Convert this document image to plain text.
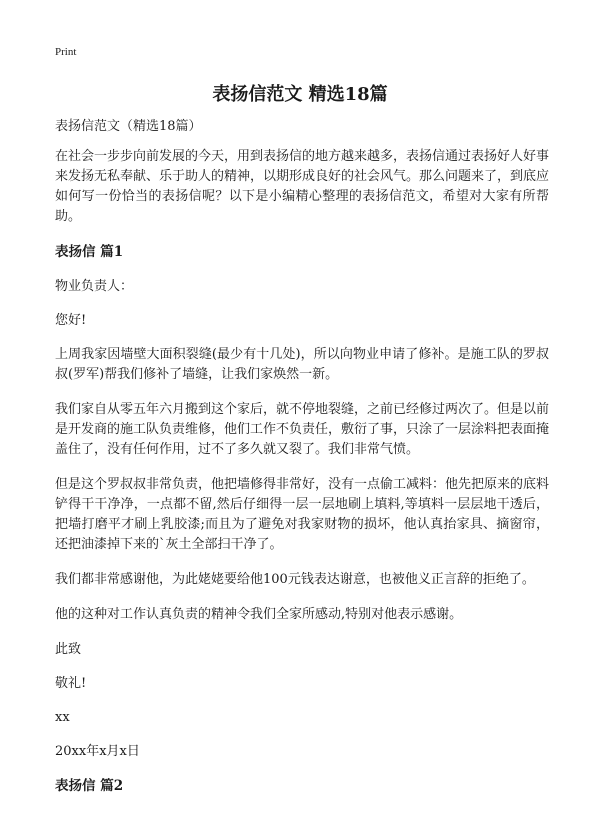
Print
表扬信范文 精选18篇

表扬信范文（精选18篇）

在社会一步步向前发展的今天，用到表扬信的地方越来越多，表扬信通过表扬好人好事来发扬无私奉献、乐于助人的精神，以期形成良好的社会风气。那么问题来了，到底应如何写一份恰当的表扬信呢？以下是小编精心整理的表扬信范文，希望对大家有所帮助。

表扬信 篇1

物业负责人：

您好!

上周我家因墙壁大面积裂缝(最少有十几处)，所以向物业申请了修补。是施工队的罗叔叔(罗军)帮我们修补了墙缝，让我们家焕然一新。

我们家自从零五年六月搬到这个家后，就不停地裂缝，之前已经修过两次了。但是以前是开发商的施工队负责维修，他们工作不负责任，敷衍了事，只涂了一层涂料把表面掩盖住了，没有任何作用，过不了多久就又裂了。我们非常气愤。

但是这个罗叔叔非常负责，他把墙修得非常好，没有一点偷工减料：他先把原来的底料铲得干干净净，一点都不留,然后仔细得一层一层地刷上填料,等填料一层层地干透后，把墙打磨平才刷上乳胶漆;而且为了避免对我家财物的损坏，他认真抬家具、摘窗帘，还把油漆掉下来的`灰土全部扫干净了。

我们都非常感谢他，为此姥姥要给他100元钱表达谢意，也被他义正言辞的拒绝了。

他的这种对工作认真负责的精神令我们全家所感动,特别对他表示感谢。

此致

敬礼!

xx

20xx年x月x日

表扬信 篇2
